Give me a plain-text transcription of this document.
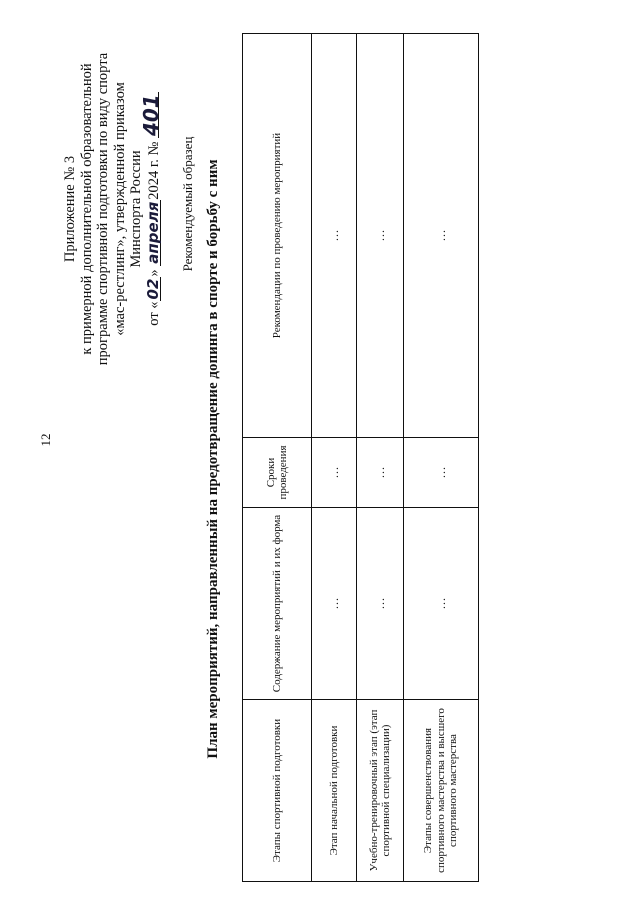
12
Приложение № 3 к примерной дополнительной образовательной программе спортивной подготовки по виду спорта «мас-рестлинг», утвержденной приказом Минспорта России
от «02» апреля2024 г. № 401
Рекомендуемый образец План мероприятий, направленный на предотвращение допинга в спорте и борьбу с ним
Этапы спортивной подготовки	Содержание мероприятий и их форма	Сроки проведения	Рекомендации по проведению мероприятий
Этап начальной подготовки	…	…	…
Учебно-тренировочный этап (этап спортивной специализации)	…	…	…
Этапы совершенствования спортивного мастерства и высшего спортивного мастерства	…	…	…
